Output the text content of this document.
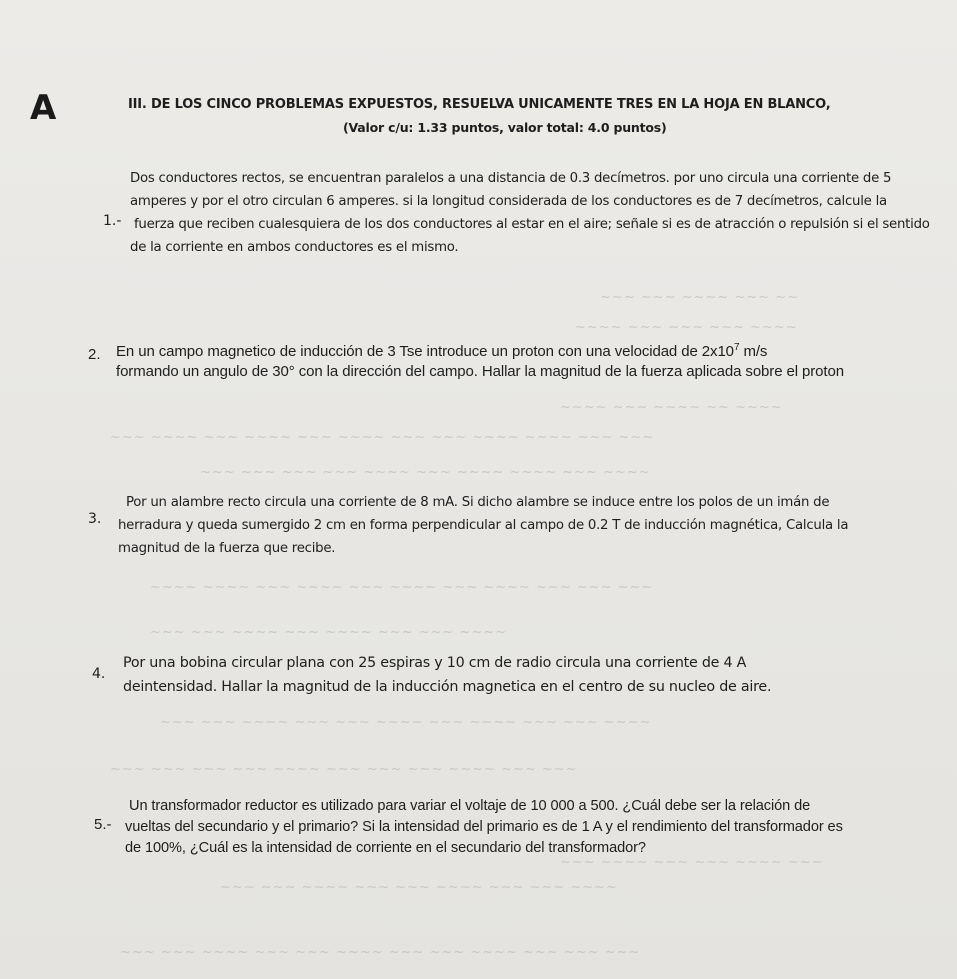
~~~ ~~~ ~~~~ ~~~ ~~
~~~~ ~~~ ~~~ ~~~ ~~~~
~~~~ ~~~ ~~~~ ~~ ~~~~
~~~ ~~~~ ~~~ ~~~~ ~~~ ~~~~ ~~~ ~~~ ~~~~ ~~~~ ~~~ ~~~
~~~ ~~~ ~~~ ~~~ ~~~~ ~~~ ~~~~ ~~~~ ~~~ ~~~~
~~~~ ~~~~ ~~~ ~~~~ ~~~ ~~~~ ~~~ ~~~~ ~~~ ~~~ ~~~
~~~ ~~~ ~~~~ ~~~ ~~~~ ~~~ ~~~ ~~~~
~~~ ~~~ ~~~~ ~~~ ~~~ ~~~~ ~~~ ~~~~ ~~~ ~~~ ~~~~
~~~ ~~~ ~~~ ~~~ ~~~~ ~~~ ~~~ ~~~ ~~~~ ~~~ ~~~
~~~ ~~~~ ~~~ ~~~ ~~~~ ~~~
~~~ ~~~ ~~~~ ~~~ ~~~ ~~~~ ~~~ ~~~ ~~~~
~~~ ~~~ ~~~~ ~~~ ~~~ ~~~~ ~~~ ~~~ ~~~~ ~~~ ~~~ ~~~
A	III. DE LOS CINCO PROBLEMAS EXPUESTOS, RESUELVA UNICAMENTE TRES EN LA HOJA EN BLANCO,
(Valor c/u: 1.33 puntos, valor total: 4.0 puntos)
1.-
Dos conductores rectos, se encuentran paralelos a una distancia de 0.3 decímetros. por uno circula una corriente de 5
amperes y por el otro circulan 6 amperes. si la longitud considerada de los conductores es de 7 decímetros, calcule la
fuerza que reciben cualesquiera de los dos conductores al estar en el aire; señale si es de atracción o repulsión si el sentido
de la corriente en ambos conductores es el mismo.
2. En un campo magnetico de inducción de 3 Tse introduce un proton con una velocidad de $2x10^7$ m/s
formando un angulo de 30° con la dirección del campo. Hallar la magnitud de la fuerza aplicada sobre el proton
3.
Por un alambre recto circula una corriente de 8 mA. Si dicho alambre se induce entre los polos de un imán de
herradura y queda sumergido 2 cm en forma perpendicular al campo de 0.2 T de inducción magnética, Calcula la
magnitud de la fuerza que recibe.
4.
Por una bobina circular plana con 25 espiras y 10 cm de radio circula una corriente de 4 A
deintensidad. Hallar la magnitud de la inducción magnetica en el centro de su nucleo de aire.
5.-
Un transformador reductor es utilizado para variar el voltaje de 10 000 a 500. ¿Cuál debe ser la relación de
vueltas del secundario y el primario? Si la intensidad del primario es de 1 A y el rendimiento del transformador es
de 100%, ¿Cuál es la intensidad de corriente en el secundario del transformador?
